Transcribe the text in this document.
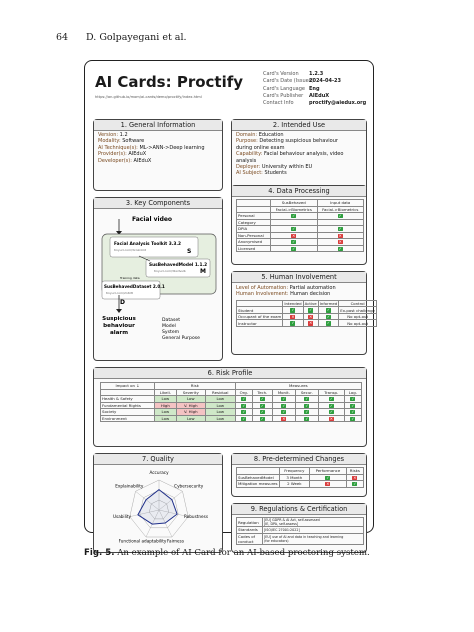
64 D. Golpayegani et al.
AI Cards: Proctify
https://an.github.io/mom/ai-cards/demo/proctify/index.html
Card's Version	1.2.3
Card's Date (Issued)
2024-04-23
Card's Language Eng
Card's Publisher	AIEduX
Contact Info	proctify@aiedux.org
1. General Information
Version: 1.2
Modality: Software
AI Technique(s): ML->ANN->Deep learning
Provider(s): AIEduX
Developer(s): AIEduX
2. Intended Use
Domain: Education
Purpose: Detecting suspicious behaviour
during online exam
Capability: Facial behaviour analysis, video
analysis
Deployer: University within EU
AI Subject: Students
3. Key Components
Facial video
Facial Analysis Toolkit 3.3.2
tinyurl.com/3xnzrzmt	S
SusBehavedModel 1.1.2
tinyurl.com/3bxdvslb M
Training data
SusBehavedDataset 2.0.1
tinyurl.com/2n6r8
D
Suspicious behaviour alarm
Dataset
Model
System
General Purpose
4. Data Processing
	SusBehaved	Input data
	Facial->Biometrics	Facial->Biometrics
Personal	✓	✓
Category		
DPIA	✓	✓
Non-Personal	✕	✕
Anonymised	✓	✕
Licensed	✓	✓
5. Human Involvement
Level of Automation: Partial automation
Human Involvement: Human decision
	Intended	Active	Informed	Control
Student	✓	✓	✓	Ex-post challenge
Occupant of the exam	✕	✕	✓	No opt-out
Instructor	✓	✕	✓	No opt-out
6. Risk Profile
Impact on ↓	Risk			Measures					
	Likeli.	Severity	Residual	Org.	Tech.	Monit.	Secur.	Transp.	Log.
Health & Safety	Low	Low	Low	✓	✓	✓	✓	✓	✓
Fundamental Rights	High	V. High	Low	✓	✓	✓	✓	✓	✓
Society	Low	V. High	Low	✓	✓	✓	✓	✓	✓
Environment	Low	Low	Low	✓	✓	✕	✓	✕	✓
7. Quality
Accuracy
Cybersecurity
Robustness
Fairness
Functional adaptability
Usability
Explainability
8. Pre-determined Changes
	Frequency	Performance	Risks
SusBehavedModel	3 Month	✓	✕
Mitigation measures	2 Week	✕	✓
9. Regulations & Certification
Regulation	[EU] GDPR & AI Act, self-assessed
[IE, DPA, self-assess]
Standards	[ISO/IEC 27001:2022]
Codes of conduct	[EU] use of AI and data in teaching and learning
(for educators)
Fig. 5. An example of AI Card for an AI-based proctoring system.
